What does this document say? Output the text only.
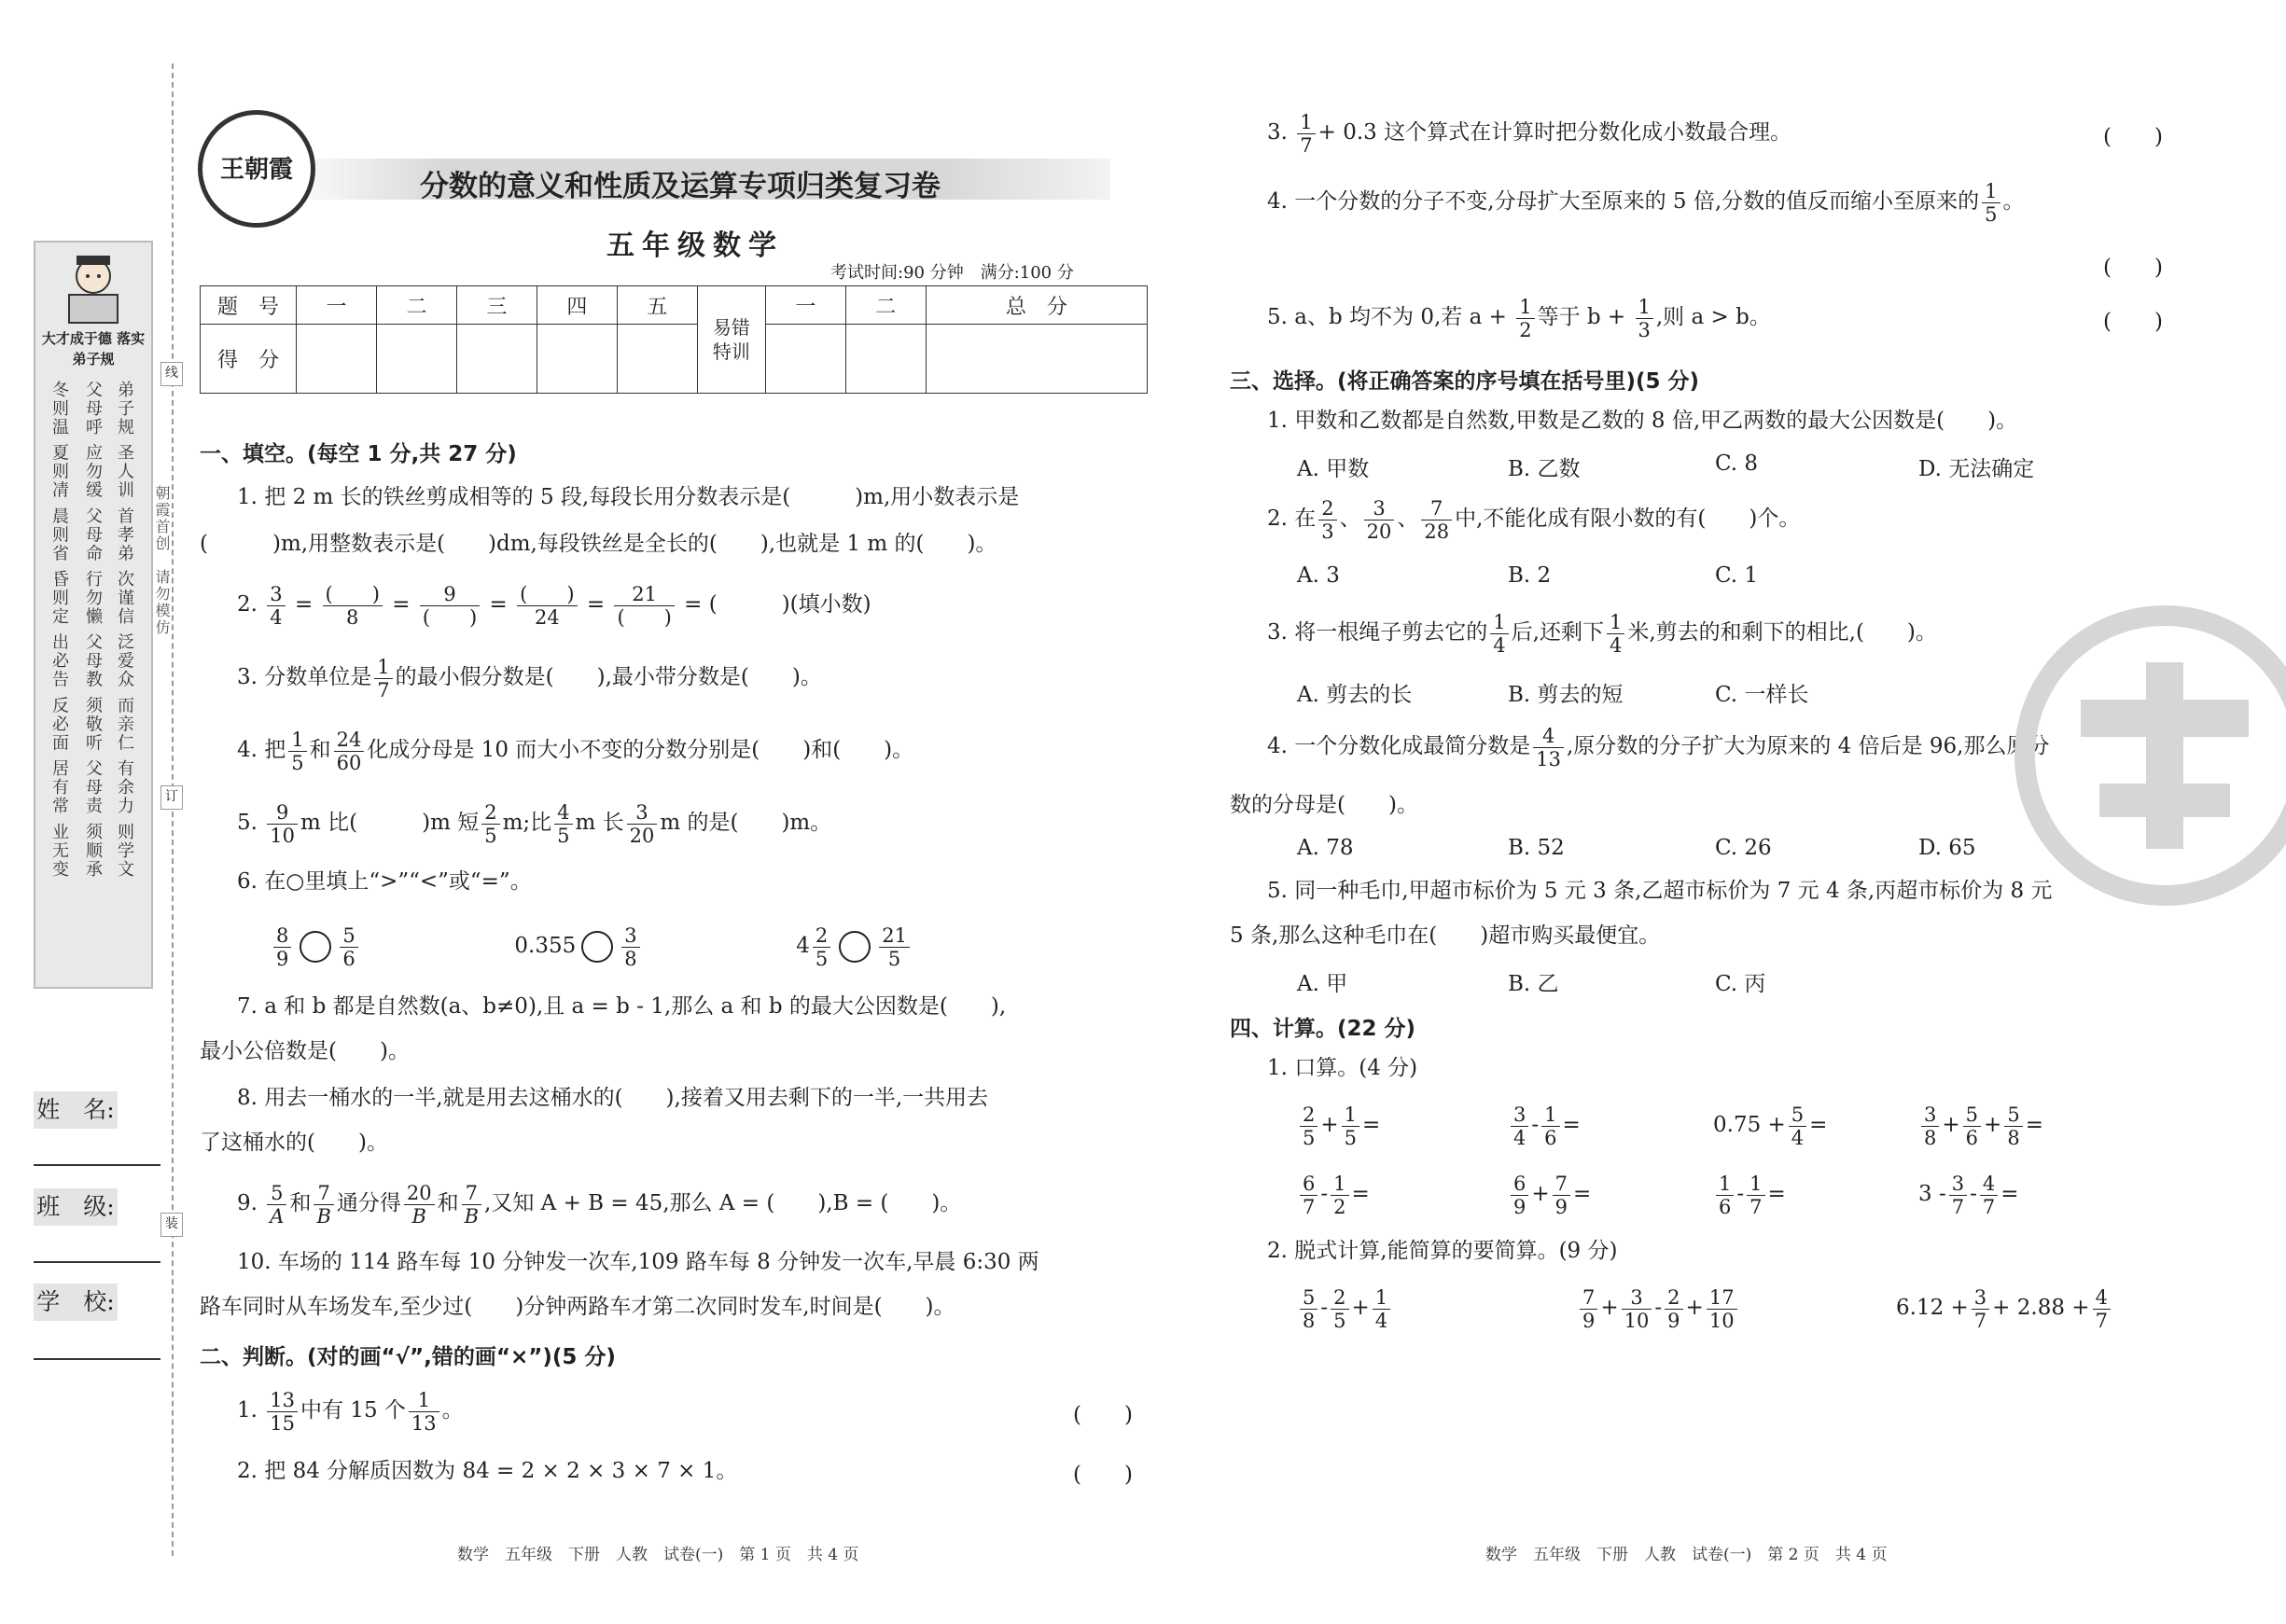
线
订
装
大才成于德 落实弟子规
弟子规 圣人训 首孝弟 次谨信 泛爱众 而亲仁 有余力 则学文
父母呼 应勿缓 父母命 行勿懒 父母教 须敬听 父母责 须顺承
冬则温 夏则凊 晨则省 昏则定 出必告 反必面 居有常 业无变	朝霞首创　请勿模仿
姓　名:
班　级:
学　校:
王朝霞	分数的意义和性质及运算专项归类复习卷
五年级数学
考试时间:90 分钟　满分:100 分
题　号	一	二	三	四	五	易错特训	一	二	总　分
得　分									
一、填空。(每空 1 分,共 27 分)
1. 把 2 m 长的铁丝剪成相等的 5 段,每段长用分数表示是(　　　)m,用小数表示是
(　　　)m,用整数表示是(　　)dm,每段铁丝是全长的(　　),也就是 1 m 的(　　)。
2. $\frac{3}{4} = \frac{( )}{8} = \frac{9}{( )} = \frac{( )}{24} = \frac{21}{( )}$ = (　　　)(填小数)
3. 分数单位是 $\frac{1}{7}$ 的最小假分数是(　　),最小带分数是(　　)。
4. 把 $\frac{1}{5}$ 和 $\frac{24}{60}$ 化成分母是 10 而大小不变的分数分别是(　　)和(　　)。
5. $\frac{9}{10}$ m 比(　　　)m 短 $\frac{2}{5} m$;比 $\frac{4}{5}$ m 长 $\frac{3}{20}$ m 的是(　　)m。
6. 在○里填上“>”“<”或“=”。
$\frac{8}{9} \frac{5}{6}$	$0.355 \frac{3}{8}$	$4 \frac{2}{5} \frac{21}{5}$
7. a 和 b 都是自然数(a、b≠0),且 a = b - 1,那么 a 和 b 的最大公因数是(　　),
最小公倍数是(　　)。
8. 用去一桶水的一半,就是用去这桶水的(　　),接着又用去剩下的一半,一共用去
了这桶水的(　　)。
9. $\frac{5}{A}$ 和 $\frac{7}{B}$ 通分得 $\frac{20}{B}$ 和 $\frac{7}{B}$ ,又知 A + B = 45,那么 A = (　　),B = (　　)。
10. 车场的 114 路车每 10 分钟发一次车,109 路车每 8 分钟发一次车,早晨 6:30 两
路车同时从车场发车,至少过(　　)分钟两路车才第二次同时发车,时间是(　　)。
二、判断。(对的画“√”,错的画“×”)(5 分)
1. $\frac{13}{15}$ 中有 15 个 $\frac{1}{13}$ 。	(　　)
2. 把 84 分解质因数为 84 = 2 × 2 × 3 × 7 × 1。	(　　)
数学　五年级　下册　人教　试卷(一)　第 1 页　共 4 页
3. $\frac{1}{7} + 0.3$ 这个算式在计算时把分数化成小数最合理。	(　　)
4. 一个分数的分子不变,分母扩大至原来的 5 倍,分数的值反而缩小至原来的 $\frac{1}{5}$ 。
(　　)
5. a、b 均不为 0,若 $a + \frac{1}{2}$ 等于 $b + \frac{1}{3}$ ,则 a > b。	(　　)
三、选择。(将正确答案的序号填在括号里)(5 分)
1. 甲数和乙数都是自然数,甲数是乙数的 8 倍,甲乙两数的最大公因数是(　　)。
A. 甲数	B. 乙数	C. 8	D. 无法确定
2. 在 $\frac{2}{3}$ 、 $\frac{3}{20}$ 、 $\frac{7}{28}$ 中,不能化成有限小数的有(　　)个。
A. 3	B. 2	C. 1
3. 将一根绳子剪去它的 $\frac{1}{4}$ 后,还剩下 $\frac{1}{4}$ 米,剪去的和剩下的相比,(　　)。
A. 剪去的长	B. 剪去的短	C. 一样长
4. 一个分数化成最简分数是 $\frac{4}{13}$ ,原分数的分子扩大为原来的 4 倍后是 96,那么原分
数的分母是(　　)。
A. 78	B. 52	C. 26	D. 65
5. 同一种毛巾,甲超市标价为 5 元 3 条,乙超市标价为 7 元 4 条,丙超市标价为 8 元
5 条,那么这种毛巾在(　　)超市购买最便宜。
A. 甲	B. 乙	C. 丙
四、计算。(22 分)
1. 口算。(4 分)
$\frac{2}{5} + \frac{1}{5}$ =	$\frac{3}{4} - \frac{1}{6}$ =	$0.75 + \frac{5}{4}$ =	$\frac{3}{8} + \frac{5}{6} + \frac{5}{8}$ =
$\frac{6}{7} - \frac{1}{2}$ =	$\frac{6}{9} + \frac{7}{9}$ =	$\frac{1}{6} - \frac{1}{7}$ =	$3 - \frac{3}{7} - \frac{4}{7}$ =
2. 脱式计算,能简算的要简算。(9 分)
$\frac{5}{8} - \frac{2}{5} + \frac{1}{4}$	$\frac{7}{9} + \frac{3}{10} - \frac{2}{9} + \frac{17}{10}$	$6.12 + \frac{3}{7} + 2.88 + \frac{4}{7}$
数学　五年级　下册　人教　试卷(一)　第 2 页　共 4 页
